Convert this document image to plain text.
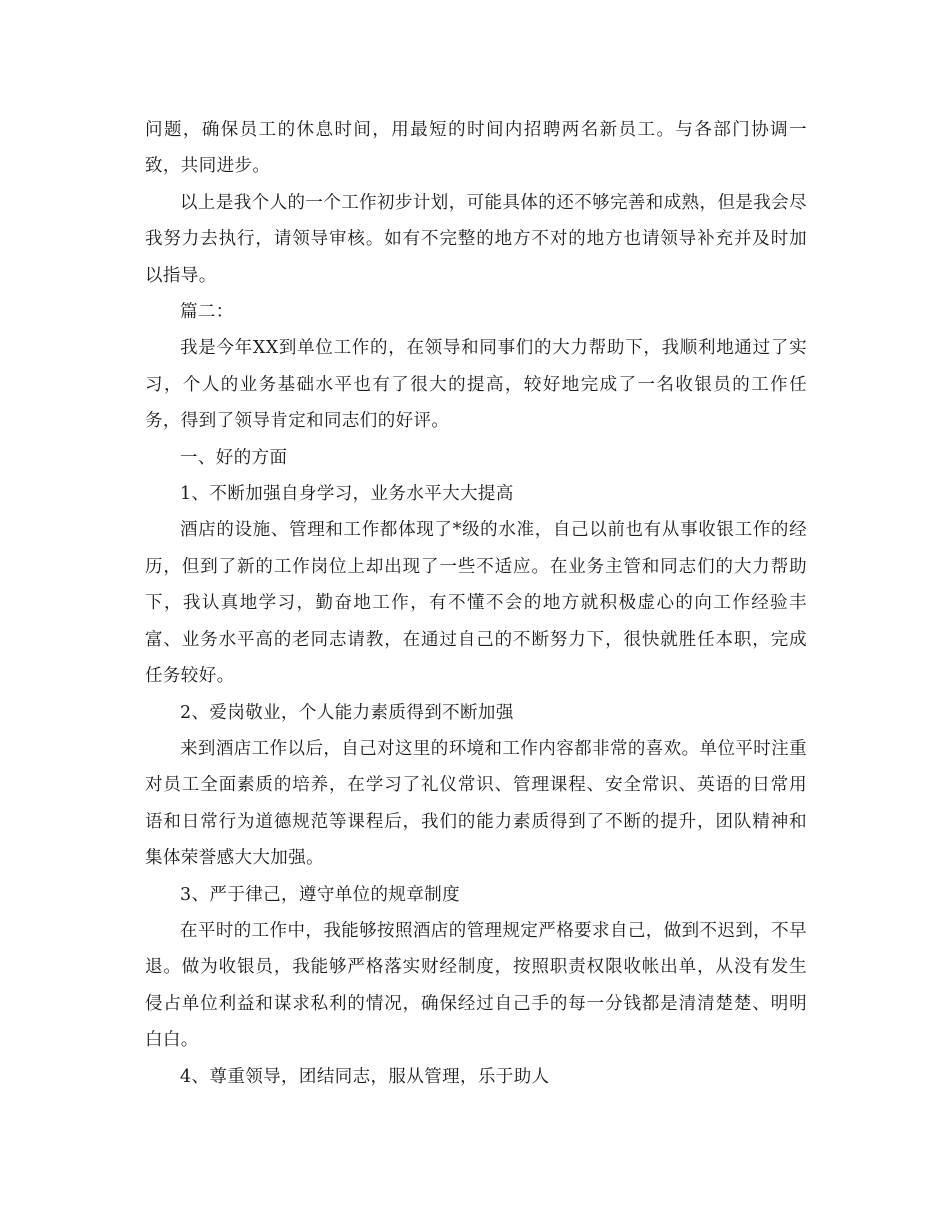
问题，确保员工的休息时间，用最短的时间内招聘两名新员工。与各部门协调一致，共同进步。

以上是我个人的一个工作初步计划，可能具体的还不够完善和成熟，但是我会尽我努力去执行，请领导审核。如有不完整的地方不对的地方也请领导补充并及时加以指导。

篇二：

我是今年XX到单位工作的，在领导和同事们的大力帮助下，我顺利地通过了实习，个人的业务基础水平也有了很大的提高，较好地完成了一名收银员的工作任务，得到了领导肯定和同志们的好评。

一、好的方面

1、不断加强自身学习，业务水平大大提高

酒店的设施、管理和工作都体现了*级的水准，自己以前也有从事收银工作的经历，但到了新的工作岗位上却出现了一些不适应。在业务主管和同志们的大力帮助下，我认真地学习，勤奋地工作，有不懂不会的地方就积极虚心的向工作经验丰富、业务水平高的老同志请教，在通过自己的不断努力下，很快就胜任本职，完成任务较好。

2、爱岗敬业，个人能力素质得到不断加强

来到酒店工作以后，自己对这里的环境和工作内容都非常的喜欢。单位平时注重对员工全面素质的培养，在学习了礼仪常识、管理课程、安全常识、英语的日常用语和日常行为道德规范等课程后，我们的能力素质得到了不断的提升，团队精神和集体荣誉感大大加强。

3、严于律己，遵守单位的规章制度

在平时的工作中，我能够按照酒店的管理规定严格要求自己，做到不迟到，不早退。做为收银员，我能够严格落实财经制度，按照职责权限收帐出单，从没有发生侵占单位利益和谋求私利的情况，确保经过自己手的每一分钱都是清清楚楚、明明白白。

4、尊重领导，团结同志，服从管理，乐于助人
